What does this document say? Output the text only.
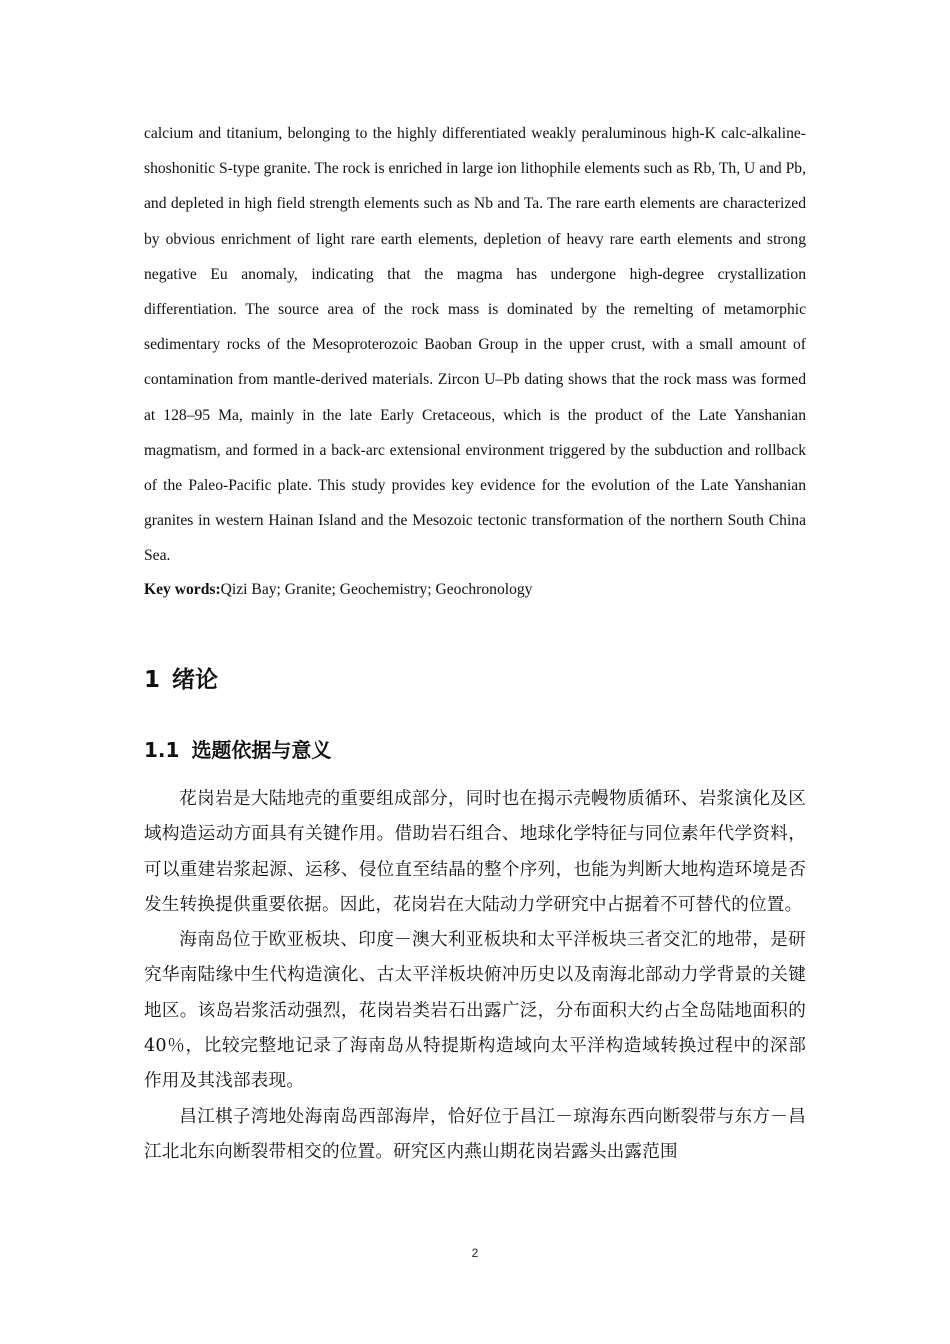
calcium and titanium, belonging to the highly differentiated weakly peraluminous high-K calc-alkaline-shoshonitic S-type granite. The rock is enriched in large ion lithophile elements such as Rb, Th, U and Pb, and depleted in high field strength elements such as Nb and Ta. The rare earth elements are characterized by obvious enrichment of light rare earth elements, depletion of heavy rare earth elements and strong negative Eu anomaly, indicating that the magma has undergone high-degree crystallization differentiation. The source area of the rock mass is dominated by the remelting of metamorphic sedimentary rocks of the Mesoproterozoic Baoban Group in the upper crust, with a small amount of contamination from mantle-derived materials. Zircon U–Pb dating shows that the rock mass was formed at 128–95 Ma, mainly in the late Early Cretaceous, which is the product of the Late Yanshanian magmatism, and formed in a back-arc extensional environment triggered by the subduction and rollback of the Paleo-Pacific plate. This study provides key evidence for the evolution of the Late Yanshanian granites in western Hainan Island and the Mesozoic tectonic transformation of the northern South China Sea.

Key words:Qizi Bay; Granite; Geochemistry; Geochronology

1 绪论
1.1 选题依据与意义

花岗岩是大陆地壳的重要组成部分，同时也在揭示壳幔物质循环、岩浆演化及区域构造运动方面具有关键作用。借助岩石组合、地球化学特征与同位素年代学资料，可以重建岩浆起源、运移、侵位直至结晶的整个序列，也能为判断大地构造环境是否发生转换提供重要依据。因此，花岗岩在大陆动力学研究中占据着不可替代的位置。

海南岛位于欧亚板块、印度－澳大利亚板块和太平洋板块三者交汇的地带，是研究华南陆缘中生代构造演化、古太平洋板块俯冲历史以及南海北部动力学背景的关键地区。该岛岩浆活动强烈，花岗岩类岩石出露广泛，分布面积大约占全岛陆地面积的 40％，比较完整地记录了海南岛从特提斯构造域向太平洋构造域转换过程中的深部作用及其浅部表现。

昌江棋子湾地处海南岛西部海岸，恰好位于昌江－琼海东西向断裂带与东方－昌江北北东向断裂带相交的位置。研究区内燕山期花岗岩露头出露范围

2
